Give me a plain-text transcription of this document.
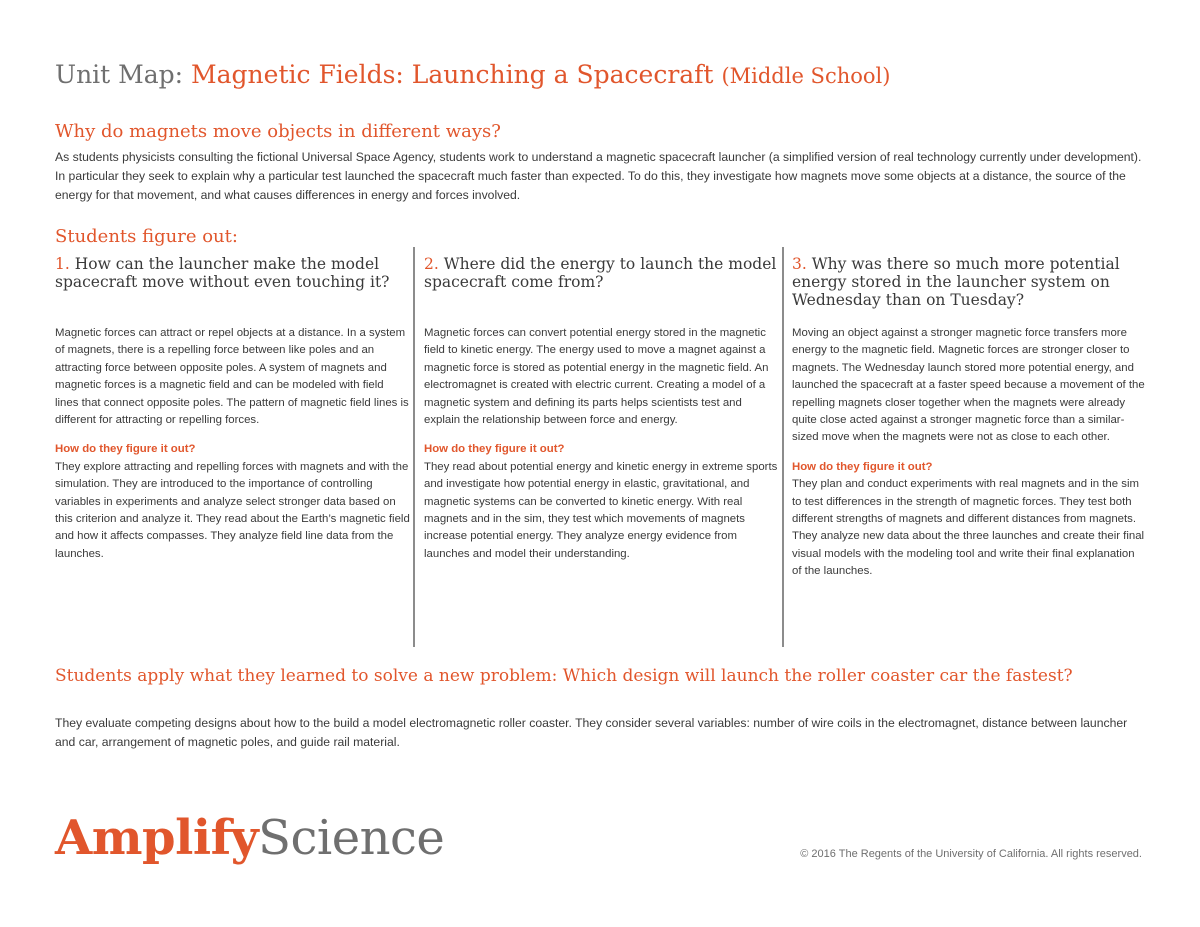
Unit Map: Magnetic Fields: Launching a Spacecraft (Middle School)
Why do magnets move objects in different ways?
As students physicists consulting the fictional Universal Space Agency, students work to understand a magnetic spacecraft launcher (a simplified version of real technology currently under development). In particular they seek to explain why a particular test launched the spacecraft much faster than expected. To do this, they investigate how magnets move some objects at a distance, the source of the energy for that movement, and what causes differences in energy and forces involved.
Students figure out:
1. How can the launcher make the model spacecraft move without even touching it?

Magnetic forces can attract or repel objects at a distance. In a system of magnets, there is a repelling force between like poles and an attracting force between opposite poles. A system of magnets and magnetic forces is a magnetic field and can be modeled with field lines that connect opposite poles. The pattern of magnetic field lines is different for attracting or repelling forces.

How do they figure it out?

They explore attracting and repelling forces with magnets and with the simulation. They are introduced to the importance of controlling variables in experiments and analyze select stronger data based on this criterion and analyze it. They read about the Earth’s magnetic field and how it affects compasses. They analyze field line data from the launches.

2. Where did the energy to launch the model spacecraft come from?

Magnetic forces can convert potential energy stored in the magnetic field to kinetic energy. The energy used to move a magnet against a magnetic force is stored as potential energy in the magnetic field. An electromagnet is created with electric current. Creating a model of a magnetic system and defining its parts helps scientists test and explain the relationship between force and energy.

How do they figure it out?

They read about potential energy and kinetic energy in extreme sports and investigate how potential energy in elastic, gravitational, and magnetic systems can be converted to kinetic energy. With real magnets and in the sim, they test which movements of magnets increase potential energy. They analyze energy evidence from launches and model their understanding.

3. Why was there so much more potential energy stored in the launcher system on Wednesday than on Tuesday?

Moving an object against a stronger magnetic force transfers more energy to the magnetic field. Magnetic forces are stronger closer to magnets. The Wednesday launch stored more potential energy, and launched the spacecraft at a faster speed because a movement of the repelling magnets closer together when the magnets were already quite close acted against a stronger magnetic force than a similar-sized move when the magnets were not as close to each other.

How do they figure it out?

They plan and conduct experiments with real magnets and in the sim to test differences in the strength of magnetic forces. They test both different strengths of magnets and different distances from magnets. They analyze new data about the three launches and create their final visual models with the modeling tool and write their final explanation of the launches.

Students apply what they learned to solve a new problem: Which design will launch the roller coaster car the fastest?
They evaluate competing designs about how to the build a model electromagnetic roller coaster. They consider several variables: number of wire coils in the electromagnet, distance between launcher and car, arrangement of magnetic poles, and guide rail material.
AmplifyScience	© 2016 The Regents of the University of California. All rights reserved.
